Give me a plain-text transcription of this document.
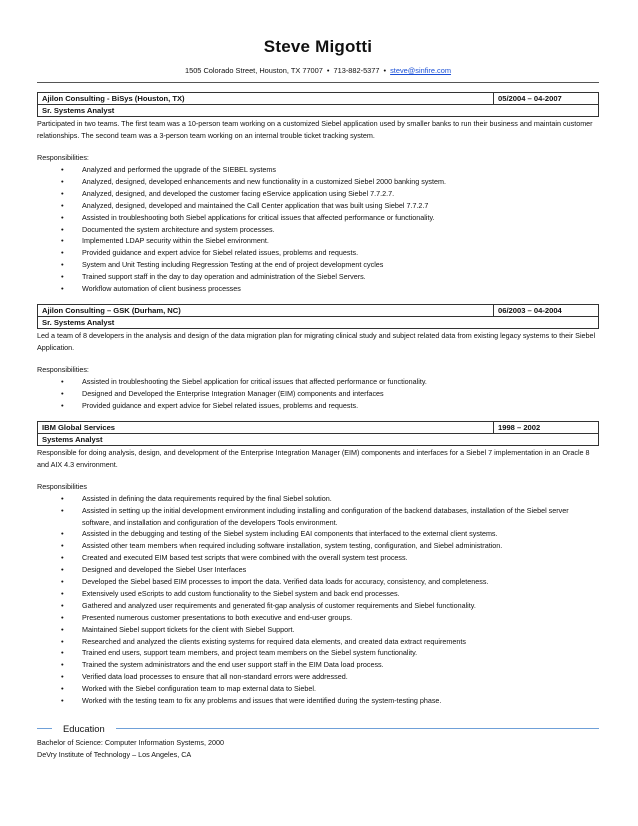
Steve Migotti
1505 Colorado Street, Houston, TX 77007 • 713-882-5377 • steve@sinfire.com
Ajilon Consulting - BiSys (Houston, TX)	05/2004 – 04-2007
Sr. Systems Analyst
Participated in two teams. The first team was a 10-person team working on a customized Siebel application used by smaller banks to run their business and maintain customer relationships. The second team was a 3-person team working on an internal trouble ticket tracking system.
Responsibilities:
• Analyzed and performed the upgrade of the SIEBEL systems
• Analyzed, designed, developed enhancements and new functionality in a customized Siebel 2000 banking system.
• Analyzed, designed, and developed the customer facing eService application using Siebel 7.7.2.7.
• Analyzed, designed, developed and maintained the Call Center application that was built using Siebel 7.7.2.7
• Assisted in troubleshooting both Siebel applications for critical issues that affected performance or functionality.
• Documented the system architecture and system processes.
• Implemented LDAP security within the Siebel environment.
• Provided guidance and expert advice for Siebel related issues, problems and requests.
• System and Unit Testing including Regression Testing at the end of project development cycles
• Trained support staff in the day to day operation and administration of the Siebel Servers.
• Workflow automation of client business processes
Ajilon Consulting – GSK (Durham, NC)	06/2003 – 04-2004
Sr. Systems Analyst
Led a team of 8 developers in the analysis and design of the data migration plan for migrating clinical study and subject related data from existing legacy systems to their Siebel Application.
Responsibilities:
• Assisted in troubleshooting the Siebel application for critical issues that affected performance or functionality.
• Designed and Developed the Enterprise Integration Manager (EIM) components and interfaces
• Provided guidance and expert advice for Siebel related issues, problems and requests.
IBM Global Services	1998 – 2002
Systems Analyst
Responsible for doing analysis, design, and development of the Enterprise Integration Manager (EIM) components and interfaces for a Siebel 7 implementation in an Oracle 8 and AIX 4.3 environment.
Responsibilities
• Assisted in defining the data requirements required by the final Siebel solution.
• Assisted in setting up the initial development environment including installing and configuration of the backend databases, installation of the Siebel server software, and installation and configuration of the developers Tools environment.
• Assisted in the debugging and testing of the Siebel system including EAI components that interfaced to the external client systems.
• Assisted other team members when required including software installation, system testing, configuration, and Siebel administration.
• Created and executed EIM based test scripts that were combined with the overall system test process.
• Designed and developed the Siebel User Interfaces
• Developed the Siebel based EIM processes to import the data. Verified data loads for accuracy, consistency, and completeness.
• Extensively used eScripts to add custom functionality to the Siebel system and back end processes.
• Gathered and analyzed user requirements and generated fit-gap analysis of customer requirements and Siebel functionality.
• Presented numerous customer presentations to both executive and end-user groups.
• Maintained Siebel support tickets for the client with Siebel Support.
• Researched and analyzed the clients existing systems for required data elements, and created data extract requirements
• Trained end users, support team members, and project team members on the Siebel system functionality.
• Trained the system administrators and the end user support staff in the EIM Data load process.
• Verified data load processes to ensure that all non-standard errors were addressed.
• Worked with the Siebel configuration team to map external data to Siebel.
• Worked with the testing team to fix any problems and issues that were identified during the system-testing phase.
Education
Bachelor of Science: Computer Information Systems, 2000
DeVry Institute of Technology – Los Angeles, CA
